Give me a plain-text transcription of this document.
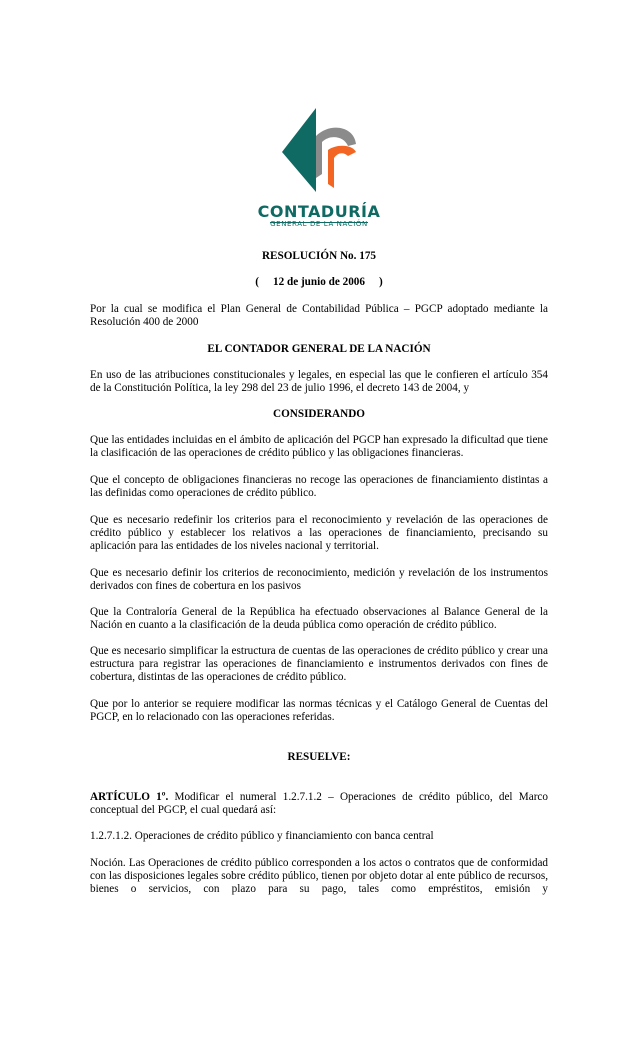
CONTADURÍA
GENERAL DE LA NACIÓN
RESOLUCIÓN No. 175
(     12 de junio de 2006     )
Por la cual se modifica el Plan General de Contabilidad Pública – PGCP adoptado mediante la Resolución 400 de 2000
EL CONTADOR GENERAL DE LA NACIÓN
En uso de las atribuciones constitucionales y legales, en especial las que le confieren el artículo 354 de la Constitución Política, la ley 298 del 23 de julio 1996, el decreto 143 de 2004, y
CONSIDERANDO
Que las entidades incluidas en el ámbito de aplicación del PGCP han expresado la dificultad que tiene la clasificación de las operaciones de crédito público y las obligaciones financieras.
Que el concepto de obligaciones financieras no recoge las operaciones de financiamiento distintas a las definidas como operaciones de crédito público.
Que es necesario redefinir los criterios para el reconocimiento y revelación de las operaciones de crédito público y establecer los relativos a las operaciones de financiamiento, precisando su aplicación para las entidades de los niveles nacional y territorial.
Que es necesario definir los criterios de reconocimiento, medición y revelación de los instrumentos derivados con fines de cobertura en los pasivos
Que la Contraloría General de la República ha efectuado observaciones al Balance General de la Nación en cuanto a la clasificación de la deuda pública como operación de crédito público.
Que es necesario simplificar la estructura de cuentas de las operaciones de crédito público y crear una estructura para registrar las operaciones de financiamiento e instrumentos derivados con fines de cobertura, distintas de las operaciones de crédito público.
Que por lo anterior se requiere modificar las normas técnicas y el Catálogo General de Cuentas del PGCP, en lo relacionado con las operaciones referidas.
RESUELVE:
ARTÍCULO 1º. Modificar el numeral 1.2.7.1.2 – Operaciones de crédito público, del Marco conceptual del PGCP, el cual quedará así:
1.2.7.1.2. Operaciones de crédito público y financiamiento con banca central
Noción. Las Operaciones de crédito público corresponden a los actos o contratos que de conformidad con las disposiciones legales sobre crédito público, tienen por objeto dotar al ente público de recursos, bienes o servicios, con plazo para su pago, tales como empréstitos, emisión y
